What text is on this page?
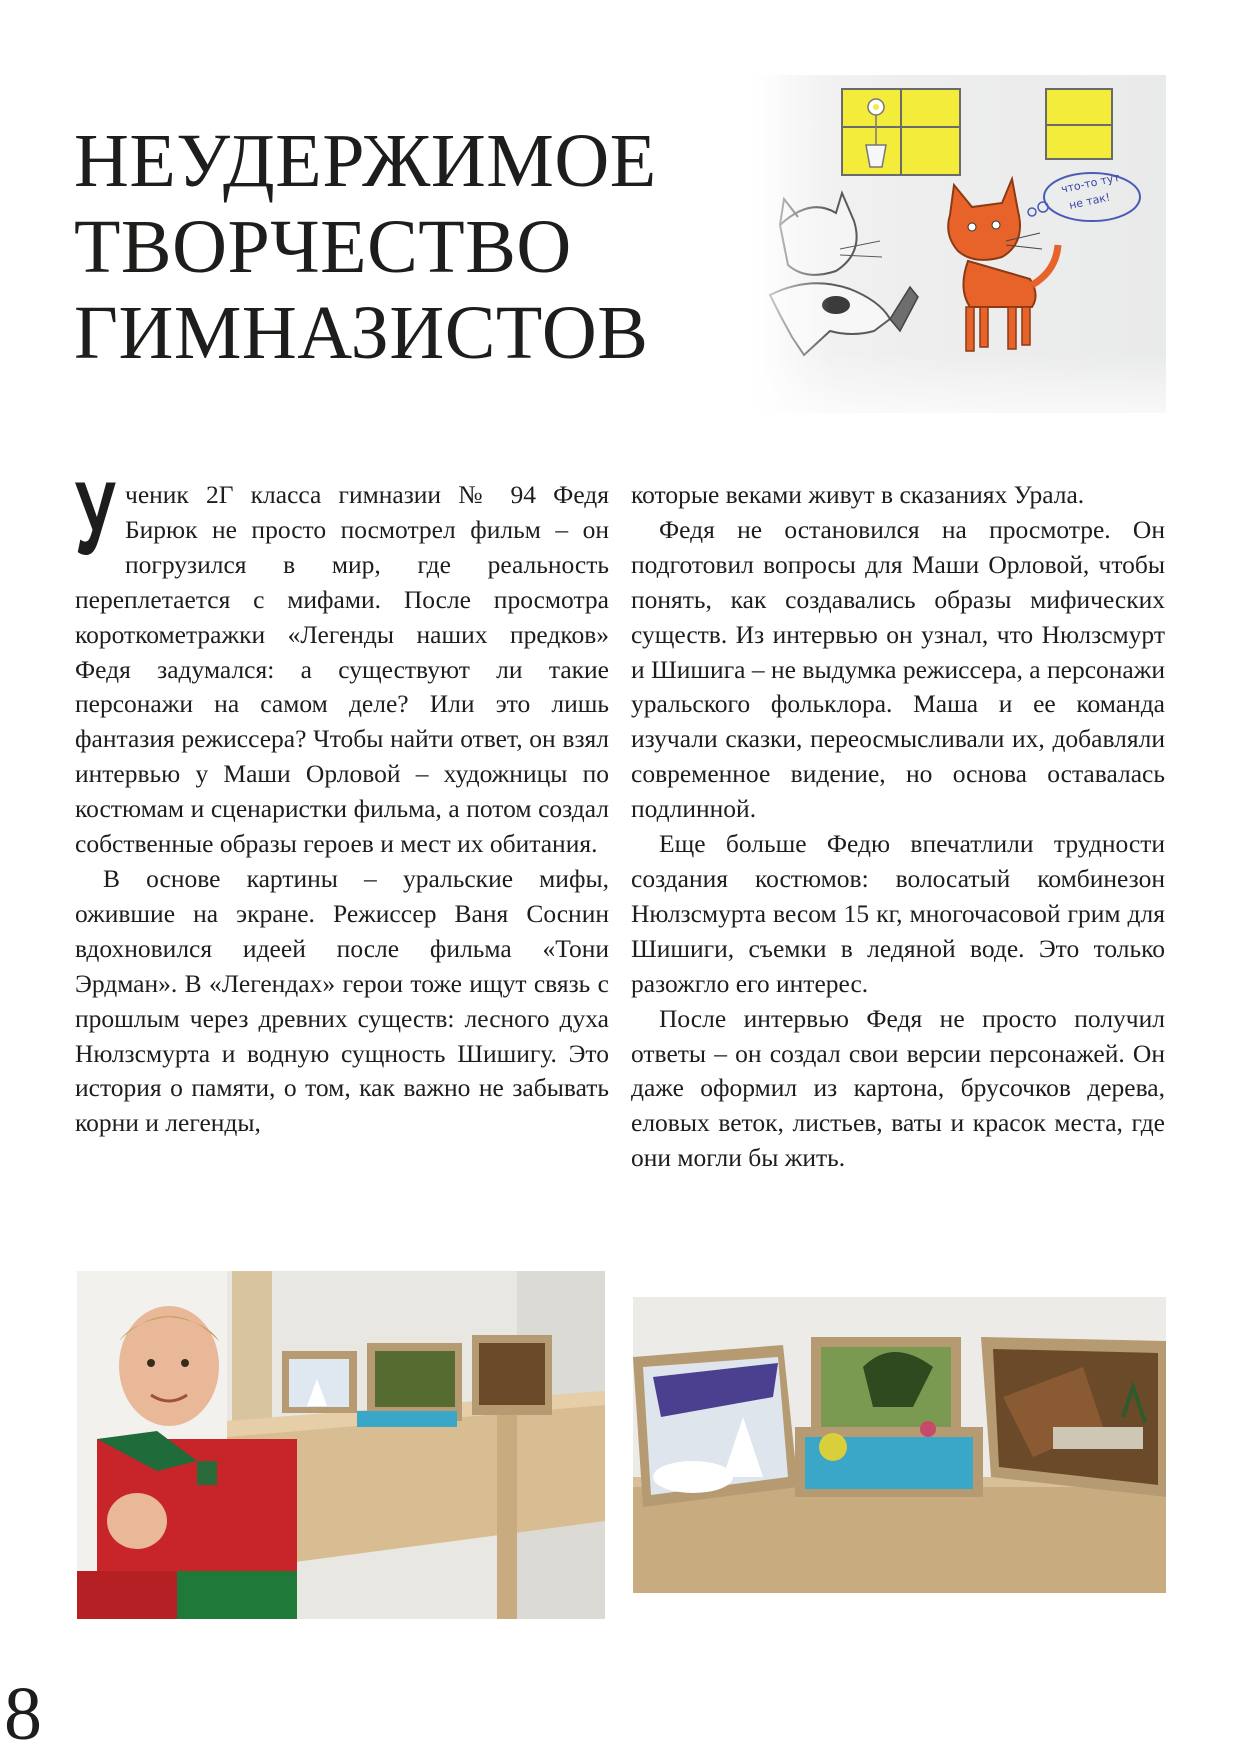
НЕУДЕРЖИМОЕ
ТВОРЧЕСТВО
ГИМНАЗИСТОВ
что-то тут
не так!

Ученик 2Г класса гимназии № 94 Федя Бирюк не просто посмотрел фильм – он погрузился в мир, где реальность переплетается с мифами. После просмотра короткометражки «Легенды наших предков» Федя задумался: а существуют ли такие персонажи на самом деле? Или это лишь фантазия режиссера? Чтобы найти ответ, он взял интервью у Маши Орловой – художницы по костюмам и сценаристки фильма, а потом создал собственные образы героев и мест их обитания.

В основе картины – уральские мифы, ожившие на экране. Режиссер Ваня Соснин вдохновился идеей после фильма «Тони Эрдман». В «Легендах» герои тоже ищут связь с прошлым через древних существ: лесного духа Нюлзсмурта и водную сущность Шишигу. Это история о памяти, о том, как важно не забывать корни и легенды,

которые веками живут в сказаниях Урала.

Федя не остановился на просмотре. Он подготовил вопросы для Маши Орловой, чтобы понять, как создавались образы мифических существ. Из интервью он узнал, что Нюлзсмурт и Шишига – не выдумка режиссера, а персонажи уральского фольклора. Маша и ее команда изучали сказки, переосмысливали их, добавляли современное видение, но основа оставалась подлинной.

Еще больше Федю впечатлили трудности создания костюмов: волосатый комбинезон Нюлзсмурта весом 15 кг, многочасовой грим для Шишиги, съемки в ледяной воде. Это только разожгло его интерес.

После интервью Федя не просто получил ответы – он создал свои версии персонажей. Он даже оформил из картона, брусочков дерева, еловых веток, листьев, ваты и красок места, где они могли бы жить.

8
